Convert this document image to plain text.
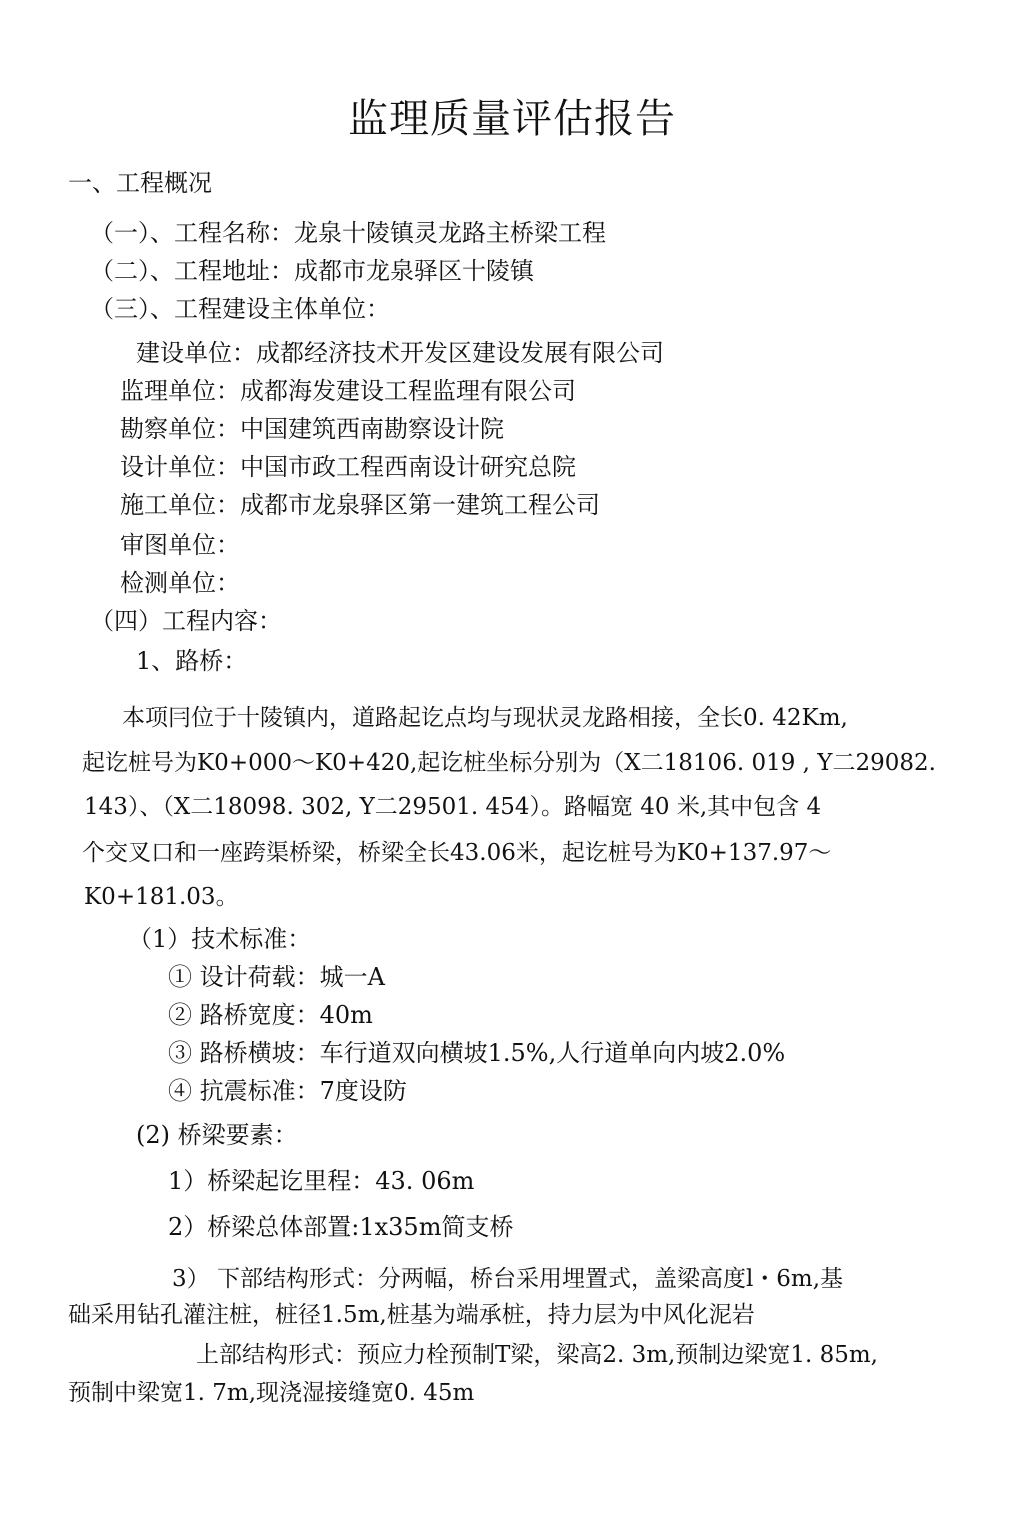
监理质量评估报告
一、工程概况
（一）、工程名称：龙泉十陵镇灵龙路主桥梁工程
（二）、工程地址：成都市龙泉驿区十陵镇
（三）、工程建设主体单位：
建设单位：成都经济技术开发区建设发展有限公司
监理单位：成都海发建设工程监理有限公司
勘察单位：中国建筑西南勘察设计院
设计单位：中国市政工程西南设计研究总院
施工单位：成都市龙泉驿区第一建筑工程公司
审图单位：
检测单位：
（四）工程内容：
1、路桥：
本项冃位于十陵镇内，道路起讫点均与现状灵龙路相接，全长0. 42Km,
起讫桩号为K0+000～K0+420,起讫桩坐标分别为（X二18106. 019 , Y二29082.
143）、（X二18098. 302, Y二29501. 454）。路幅宽 40 米,其中包含 4
个交叉口和一座跨渠桥梁，桥梁全长43.06米，起讫桩号为K0+137.97～
K0+181.03。
（1）技术标准：
① 设计荷载：城一A
② 路桥宽度：40m
③ 路桥横坡：车行道双向横坡1.5%,人行道单向内坡2.0%
④ 抗震标准：7度设防
(2) 桥梁要素：
1）桥梁起讫里程：43. 06m
2）桥梁总体部置:1x35m简支桥
3） 下部结构形式：分两幅，桥台采用埋置式，盖梁高度l・6m,基
础采用钻孔灌注桩，桩径1.5m,桩基为端承桩，持力层为中风化泥岩
上部结构形式：预应力栓预制T梁，梁高2. 3m,预制边梁宽1. 85m,
预制中梁宽1. 7m,现浇湿接缝宽0. 45m
